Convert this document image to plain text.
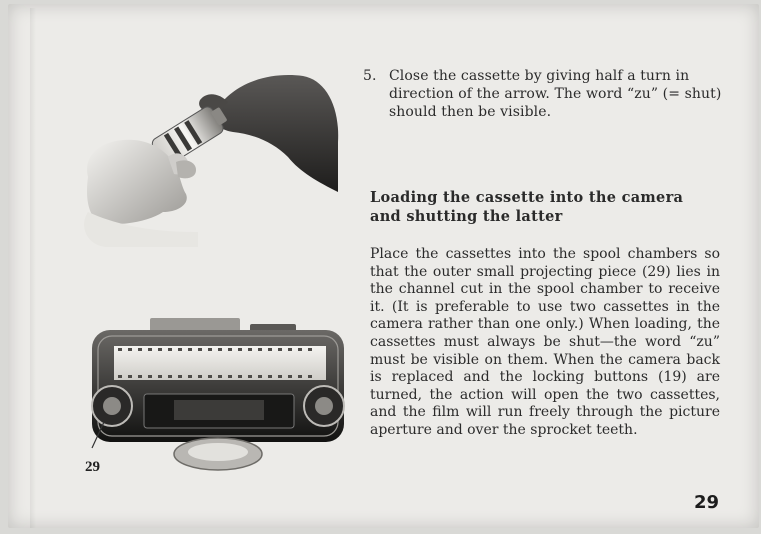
29
5. Close the cassette by giving half a turn in direction of the arrow. The word “zu” (= shut) should then be visible.
Loading the cassette into the camera and shutting the latter
Place the cassettes into the spool chambers so that the outer small projecting piece (29) lies in the channel cut in the spool chamber to receive it. (It is preferable to use two cassettes in the camera rather than one only.) When loading, the cassettes must always be shut—the word “zu” must be visible on them. When the camera back is replaced and the locking buttons (19) are turned, the action will open the two cassettes, and the film will run freely through the picture aperture and over the sprocket teeth.
29
